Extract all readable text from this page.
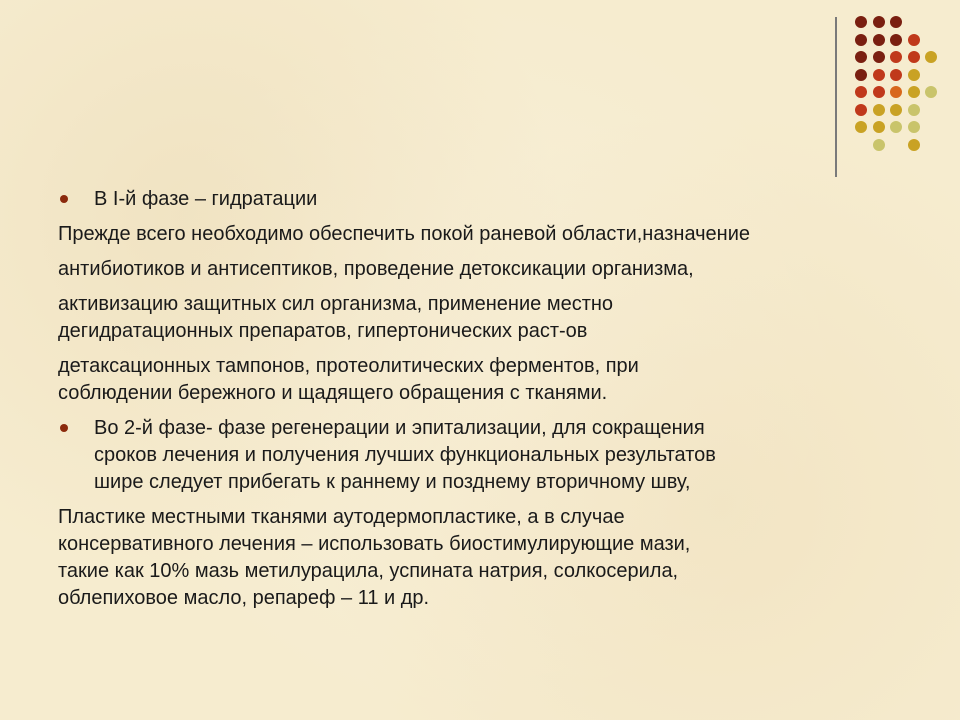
В I-й фазе – гидратации
Прежде всего необходимо обеспечить покой раневой области,назначение
антибиотиков и антисептиков, проведение детоксикации организма,
активизацию защитных сил организма, применение местно
дегидратационных препаратов, гипертонических раст-ов
детаксационных тампонов, протеолитических ферментов, при
соблюдении бережного и щадящего обращения с тканями.
Во 2-й фазе- фазе регенерации и эпитализации, для сокращения
сроков лечения и получения лучших функциональных результатов
шире следует прибегать к раннему и позднему вторичному шву,
Пластике местными тканями аутодермопластике, а в случае
консервативного лечения – использовать биостимулирующие мази,
такие как 10% мазь метилурацила, успината натрия, солкосерила,
облепиховое масло, репареф – 11 и др.
